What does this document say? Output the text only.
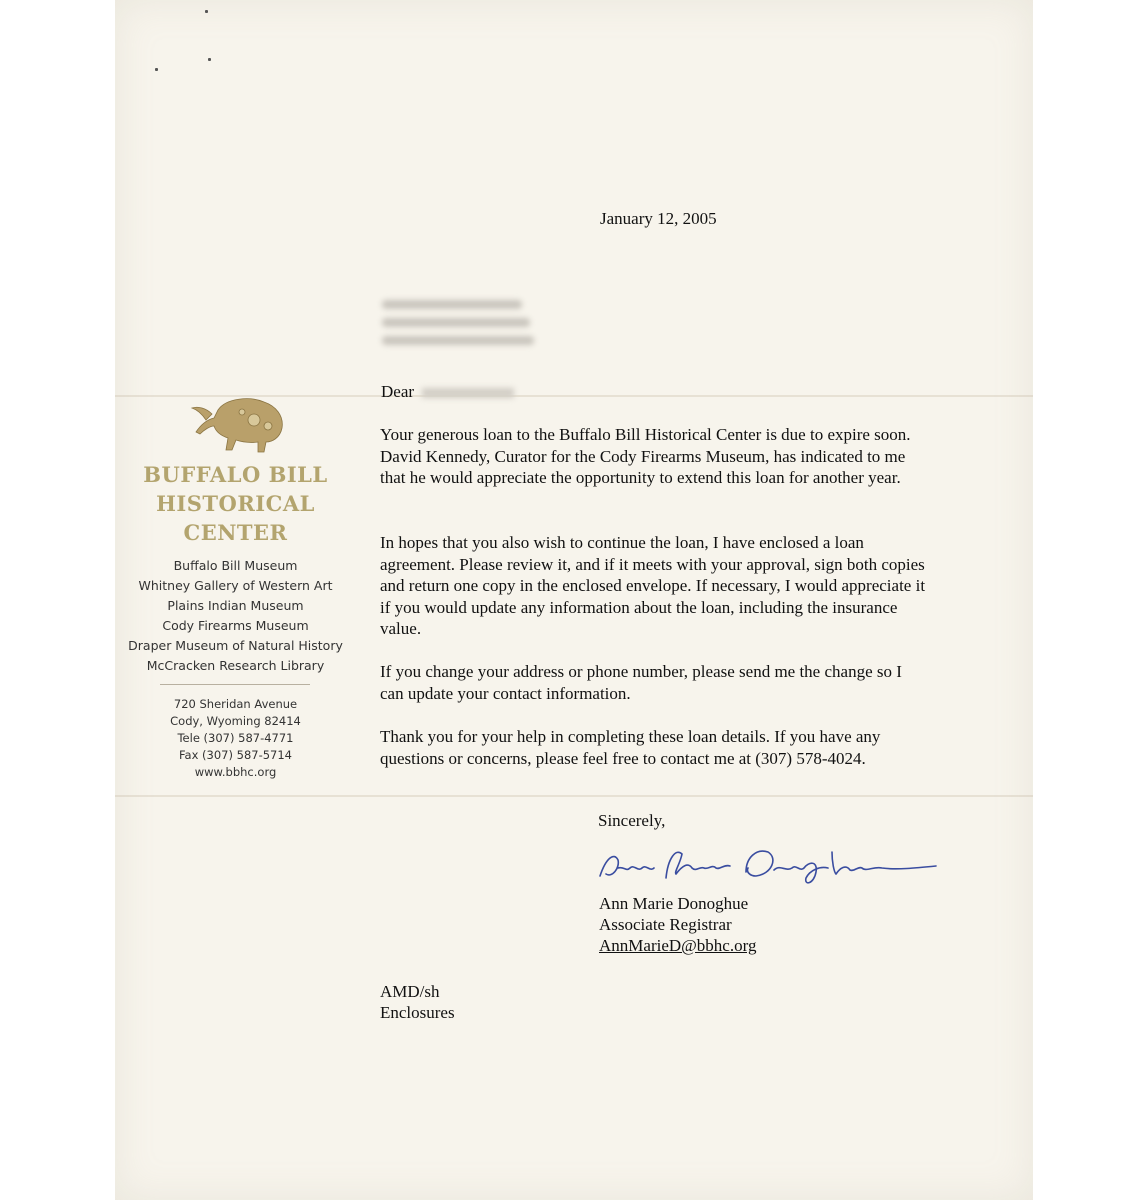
BUFFALO BILL
HISTORICAL
CENTER
Buffalo Bill Museum
Whitney Gallery of Western Art
Plains Indian Museum
Cody Firearms Museum
Draper Museum of Natural History
McCracken Research Library
720 Sheridan Avenue
Cody, Wyoming 82414
Tele (307) 587-4771
Fax (307) 587-5714
www.bbhc.org
January 12, 2005
Dear

Your generous loan to the Buffalo Bill Historical Center is due to expire soon. David Kennedy, Curator for the Cody Firearms Museum, has indicated to me that he would appreciate the opportunity to extend this loan for another year.

In hopes that you also wish to continue the loan, I have enclosed a loan agreement. Please review it, and if it meets with your approval, sign both copies and return one copy in the enclosed envelope. If necessary, I would appreciate it if you would update any information about the loan, including the insurance value.

If you change your address or phone number, please send me the change so I can update your contact information.

Thank you for your help in completing these loan details. If you have any questions or concerns, please feel free to contact me at (307) 578-4024.

Sincerely,
Ann Marie Donoghue
Associate Registrar
AnnMarieD@bbhc.org
AMD/sh
Enclosures
